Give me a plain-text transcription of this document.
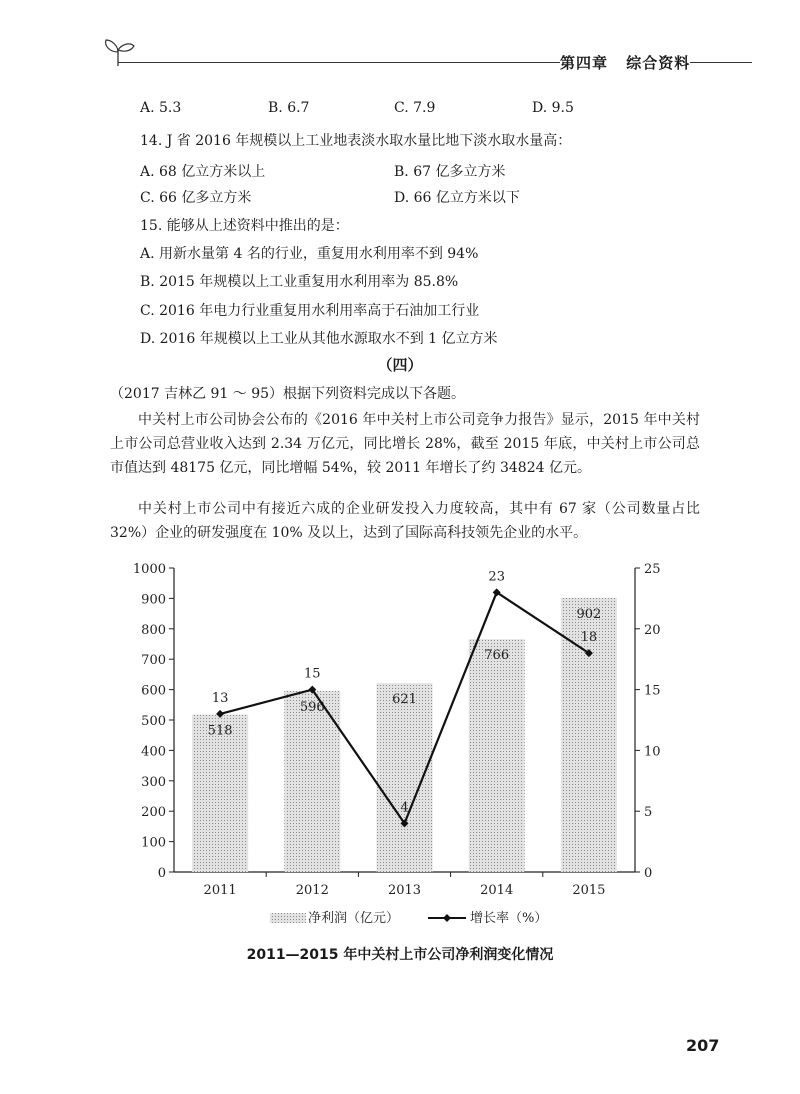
第四章 综合资料
A. 5.3	B. 6.7	C. 7.9	D. 9.5
14. J 省 2016 年规模以上工业地表淡水取水量比地下淡水取水量高：
A. 68 亿立方米以上	B. 67 亿多立方米
C. 66 亿多立方米	D. 66 亿立方米以下
15. 能够从上述资料中推出的是：
A. 用新水量第 4 名的行业，重复用水利用率不到 94%
B. 2015 年规模以上工业重复用水利用率为 85.8%
C. 2016 年电力行业重复用水利用率高于石油加工行业
D. 2016 年规模以上工业从其他水源取水不到 1 亿立方米
（四）
（2017 吉林乙 91 ～ 95）根据下列资料完成以下各题。
中关村上市公司协会公布的《2016 年中关村上市公司竞争力报告》显示，2015 年中关村上市公司总营业收入达到 2.34 万亿元，同比增长 28%，截至 2015 年底，中关村上市公司总市值达到 48175 亿元，同比增幅 54%，较 2011 年增长了约 34824 亿元。
中关村上市公司中有接近六成的企业研发投入力度较高，其中有 67 家（公司数量占比 32%）企业的研发强度在 10% 及以上，达到了国际高科技领先企业的水平。
0
100
200
300
400
500
600
700
800
900
1000
0
5
10
15
20
25
2011	2012	2013	2014	2015
518
596
621
766
902
13
15
4
23
18
净利润（亿元）	增长率（%）
2011—2015 年中关村上市公司净利润变化情况
207
